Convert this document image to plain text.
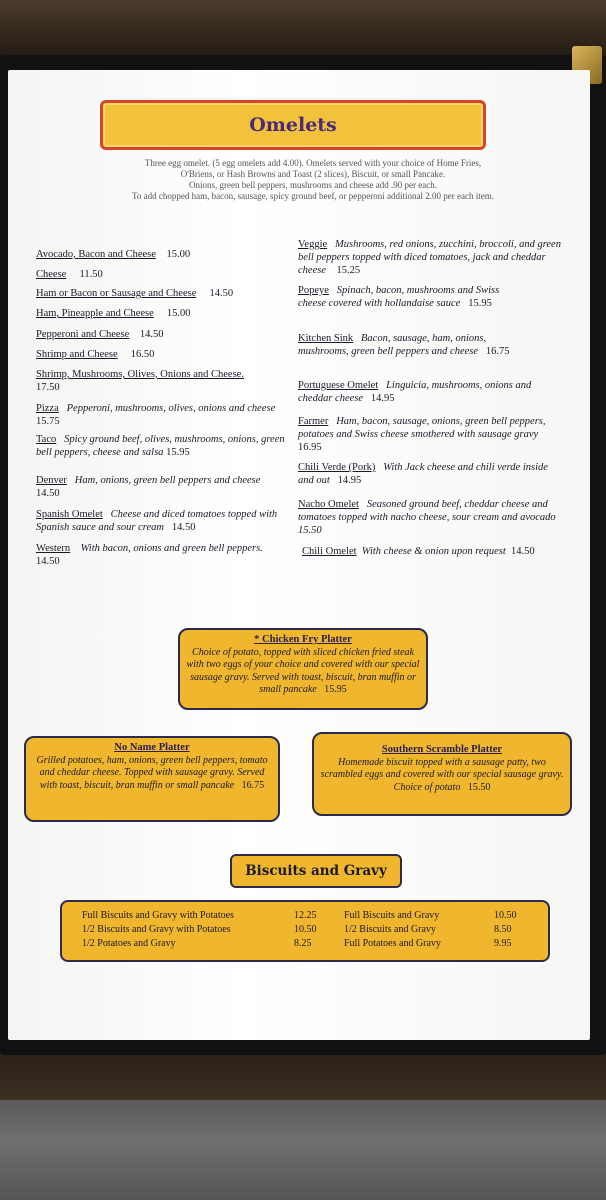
Omelets
Three egg omelet. (5 egg omelets add 4.00). Omelets served with your choice of Home Fries,
O'Briens, or Hash Browns and Toast (2 slices), Biscuit, or small Pancake.
Onions, green bell peppers, mushrooms and cheese add .90 per each.
To add chopped ham, bacon, sausage, spicy ground beef, or pepperoni additional 2.00 per each item.
Avocado, Bacon and Cheese 15.00
Cheese 11.50
Ham or Bacon or Sausage and Cheese 14.50
Ham, Pineapple and Cheese 15.00
Pepperoni and Cheese 14.50
Shrimp and Cheese 16.50
Shrimp, Mushrooms, Olives, Onions and Cheese.
17.50
Pizza Pepperoni, mushrooms, olives, onions and cheese   15.75
Taco Spicy ground beef, olives, mushrooms, onions, green bell peppers, cheese and salsa 15.95
Denver Ham, onions, green bell peppers and cheese   14.50
Spanish Omelet Cheese and diced tomatoes topped with Spanish sauce and sour cream 14.50
Western With bacon, onions and green bell peppers.   14.50
Veggie Mushrooms, red onions, zucchini, broccoli, and green bell peppers topped with diced tomatoes, jack and cheddar cheese 15.25
Popeye Spinach, bacon, mushrooms and Swiss cheese covered with hollandaise sauce 15.95
Kitchen Sink Bacon, sausage, ham, onions, mushrooms, green bell peppers and cheese 16.75
Portuguese Omelet Linguicia, mushrooms, onions and cheddar cheese 14.95
Farmer Ham, bacon, sausage, onions, green bell peppers, potatoes and Swiss cheese smothered with sausage gravy   16.95
Chili Verde (Pork) With Jack cheese and chili verde inside and out 14.95
Nacho Omelet Seasoned ground beef, cheddar cheese and tomatoes topped with nacho cheese, sour cream and avocado  15.50
Chili Omelet With cheese & onion upon request 14.50
* Chicken Fry Platter
Choice of potato, topped with sliced chicken fried steak with two eggs of your choice and covered with our special sausage gravy. Served with toast, biscuit, bran muffin or small pancake 15.95
No Name Platter
Grilled potatoes, ham, onions, green bell peppers, tomato and cheddar cheese. Topped with sausage gravy. Served with toast, biscuit, bran muffin or small pancake 16.75
Southern Scramble Platter
Homemade biscuit topped with a sausage patty, two scrambled eggs and covered with our special sausage gravy. Choice of potato 15.50
Biscuits and Gravy
Full Biscuits and Gravy with Potatoes
1/2 Biscuits and Gravy with Potatoes
1/2 Potatoes and Gravy
12.25
10.50
8.25
Full Biscuits and Gravy
1/2 Biscuits and Gravy
Full Potatoes and Gravy
10.50
8.50
9.95
